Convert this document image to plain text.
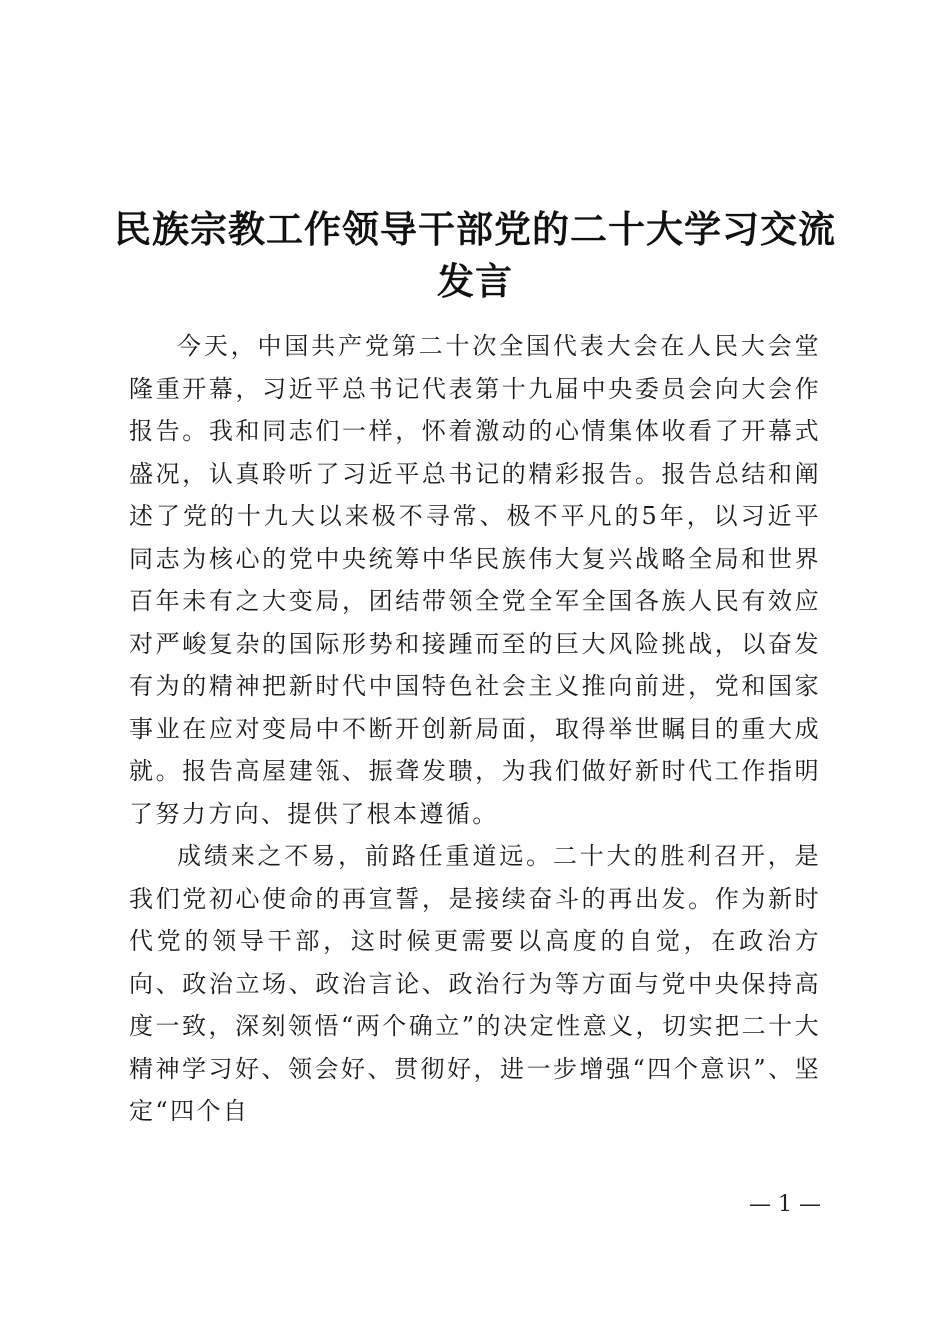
民族宗教工作领导干部党的二十大学习交流发言

今天，中国共产党第二十次全国代表大会在人民大会堂隆重开幕，习近平总书记代表第十九届中央委员会向大会作报告。我和同志们一样，怀着激动的心情集体收看了开幕式盛况，认真聆听了习近平总书记的精彩报告。报告总结和阐述了党的十九大以来极不寻常、极不平凡的5年，以习近平同志为核心的党中央统筹中华民族伟大复兴战略全局和世界百年未有之大变局，团结带领全党全军全国各族人民有效应对严峻复杂的国际形势和接踵而至的巨大风险挑战，以奋发有为的精神把新时代中国特色社会主义推向前进，党和国家事业在应对变局中不断开创新局面，取得举世瞩目的重大成就。报告高屋建瓴、振聋发聩，为我们做好新时代工作指明了努力方向、提供了根本遵循。

成绩来之不易，前路任重道远。二十大的胜利召开，是我们党初心使命的再宣誓，是接续奋斗的再出发。作为新时代党的领导干部，这时候更需要以高度的自觉，在政治方向、政治立场、政治言论、政治行为等方面与党中央保持高度一致，深刻领悟“两个确立”的决定性意义，切实把二十大精神学习好、领会好、贯彻好，进一步增强“四个意识”、坚定“四个自

— 1 —
